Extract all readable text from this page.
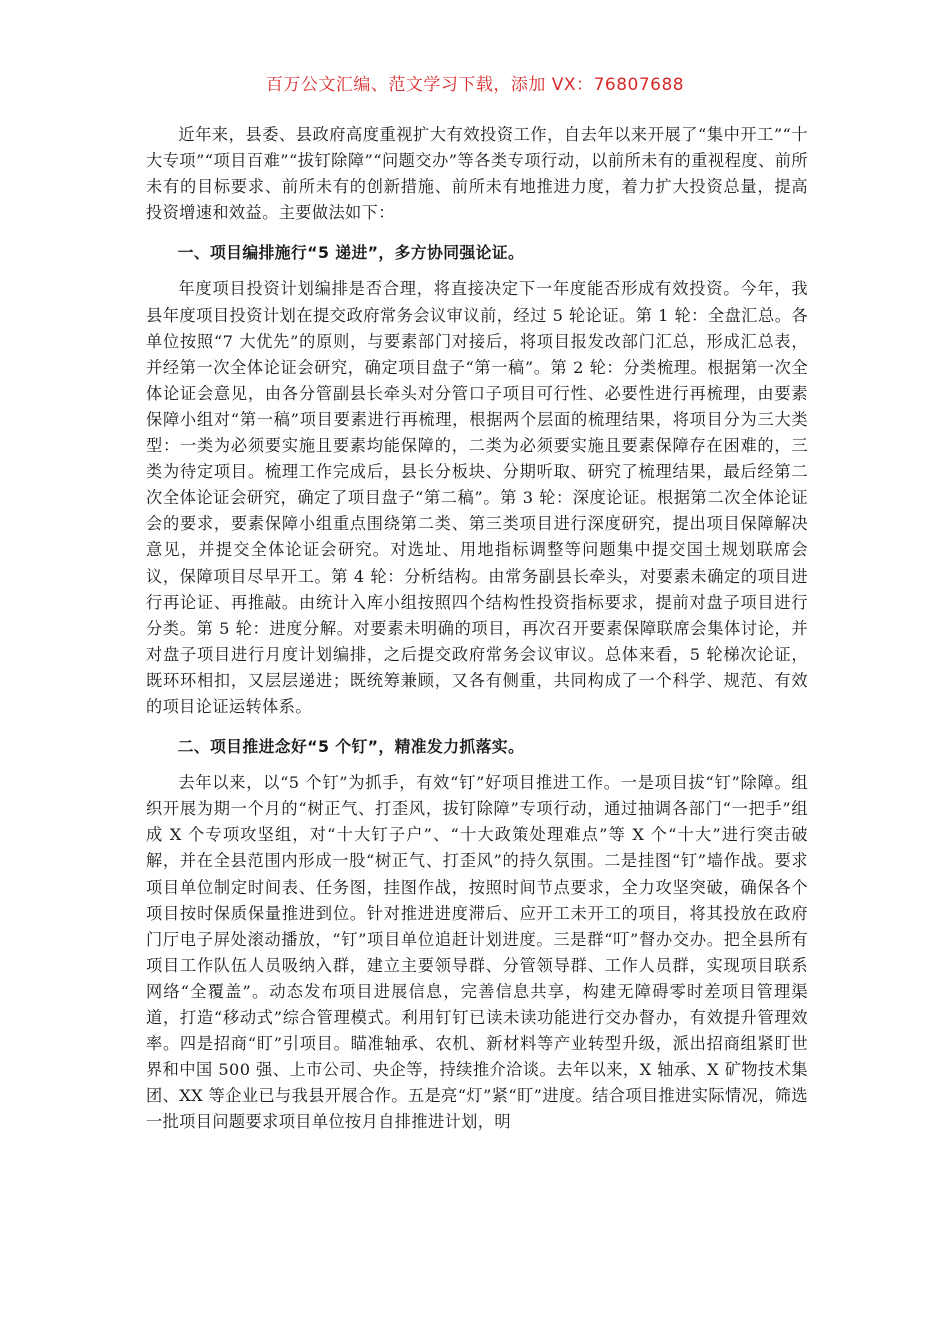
百万公文汇编、范文学习下载，添加 VX：76807688

近年来，县委、县政府高度重视扩大有效投资工作，自去年以来开展了“集中开工”“十大专项”“项目百难”“拔钉除障”“问题交办”等各类专项行动，以前所未有的重视程度、前所未有的目标要求、前所未有的创新措施、前所未有地推进力度，着力扩大投资总量，提高投资增速和效益。主要做法如下：

一、项目编排施行“5 递进”，多方协同强论证。

年度项目投资计划编排是否合理，将直接决定下一年度能否形成有效投资。今年，我县年度项目投资计划在提交政府常务会议审议前，经过 5 轮论证。第 1 轮：全盘汇总。各单位按照“7 大优先”的原则，与要素部门对接后，将项目报发改部门汇总，形成汇总表，并经第一次全体论证会研究，确定项目盘子“第一稿”。第 2 轮：分类梳理。根据第一次全体论证会意见，由各分管副县长牵头对分管口子项目可行性、必要性进行再梳理，由要素保障小组对“第一稿”项目要素进行再梳理，根据两个层面的梳理结果，将项目分为三大类型：一类为必须要实施且要素均能保障的，二类为必须要实施且要素保障存在困难的，三类为待定项目。梳理工作完成后，县长分板块、分期听取、研究了梳理结果，最后经第二次全体论证会研究，确定了项目盘子“第二稿”。第 3 轮：深度论证。根据第二次全体论证会的要求，要素保障小组重点围绕第二类、第三类项目进行深度研究，提出项目保障解决意见，并提交全体论证会研究。对选址、用地指标调整等问题集中提交国土规划联席会议，保障项目尽早开工。第 4 轮：分析结构。由常务副县长牵头，对要素未确定的项目进行再论证、再推敲。由统计入库小组按照四个结构性投资指标要求，提前对盘子项目进行分类。第 5 轮：进度分解。对要素未明确的项目，再次召开要素保障联席会集体讨论，并对盘子项目进行月度计划编排，之后提交政府常务会议审议。总体来看，5 轮梯次论证，既环环相扣，又层层递进；既统筹兼顾，又各有侧重，共同构成了一个科学、规范、有效的项目论证运转体系。

二、项目推进念好“5 个钉”，精准发力抓落实。

去年以来，以“5 个钉”为抓手，有效“钉”好项目推进工作。一是项目拔“钉”除障。组织开展为期一个月的“树正气、打歪风，拔钉除障”专项行动，通过抽调各部门“一把手”组成 X 个专项攻坚组，对“十大钉子户”、“十大政策处理难点”等 X 个“十大”进行突击破解，并在全县范围内形成一股“树正气、打歪风”的持久氛围。二是挂图“钉”墙作战。要求项目单位制定时间表、任务图，挂图作战，按照时间节点要求，全力攻坚突破，确保各个项目按时保质保量推进到位。针对推进进度滞后、应开工未开工的项目，将其投放在政府门厅电子屏处滚动播放，“钉”项目单位追赶计划进度。三是群“叮”督办交办。把全县所有项目工作队伍人员吸纳入群，建立主要领导群、分管领导群、工作人员群，实现项目联系网络“全覆盖”。动态发布项目进展信息，完善信息共享，构建无障碍零时差项目管理渠道，打造“移动式”综合管理模式。利用钉钉已读未读功能进行交办督办，有效提升管理效率。四是招商“盯”引项目。瞄准轴承、农机、新材料等产业转型升级，派出招商组紧盯世界和中国 500 强、上市公司、央企等，持续推介洽谈。去年以来，X 轴承、X 矿物技术集团、XX 等企业已与我县开展合作。五是亮“灯”紧“盯”进度。结合项目推进实际情况，筛选一批项目问题要求项目单位按月自排推进计划，明
